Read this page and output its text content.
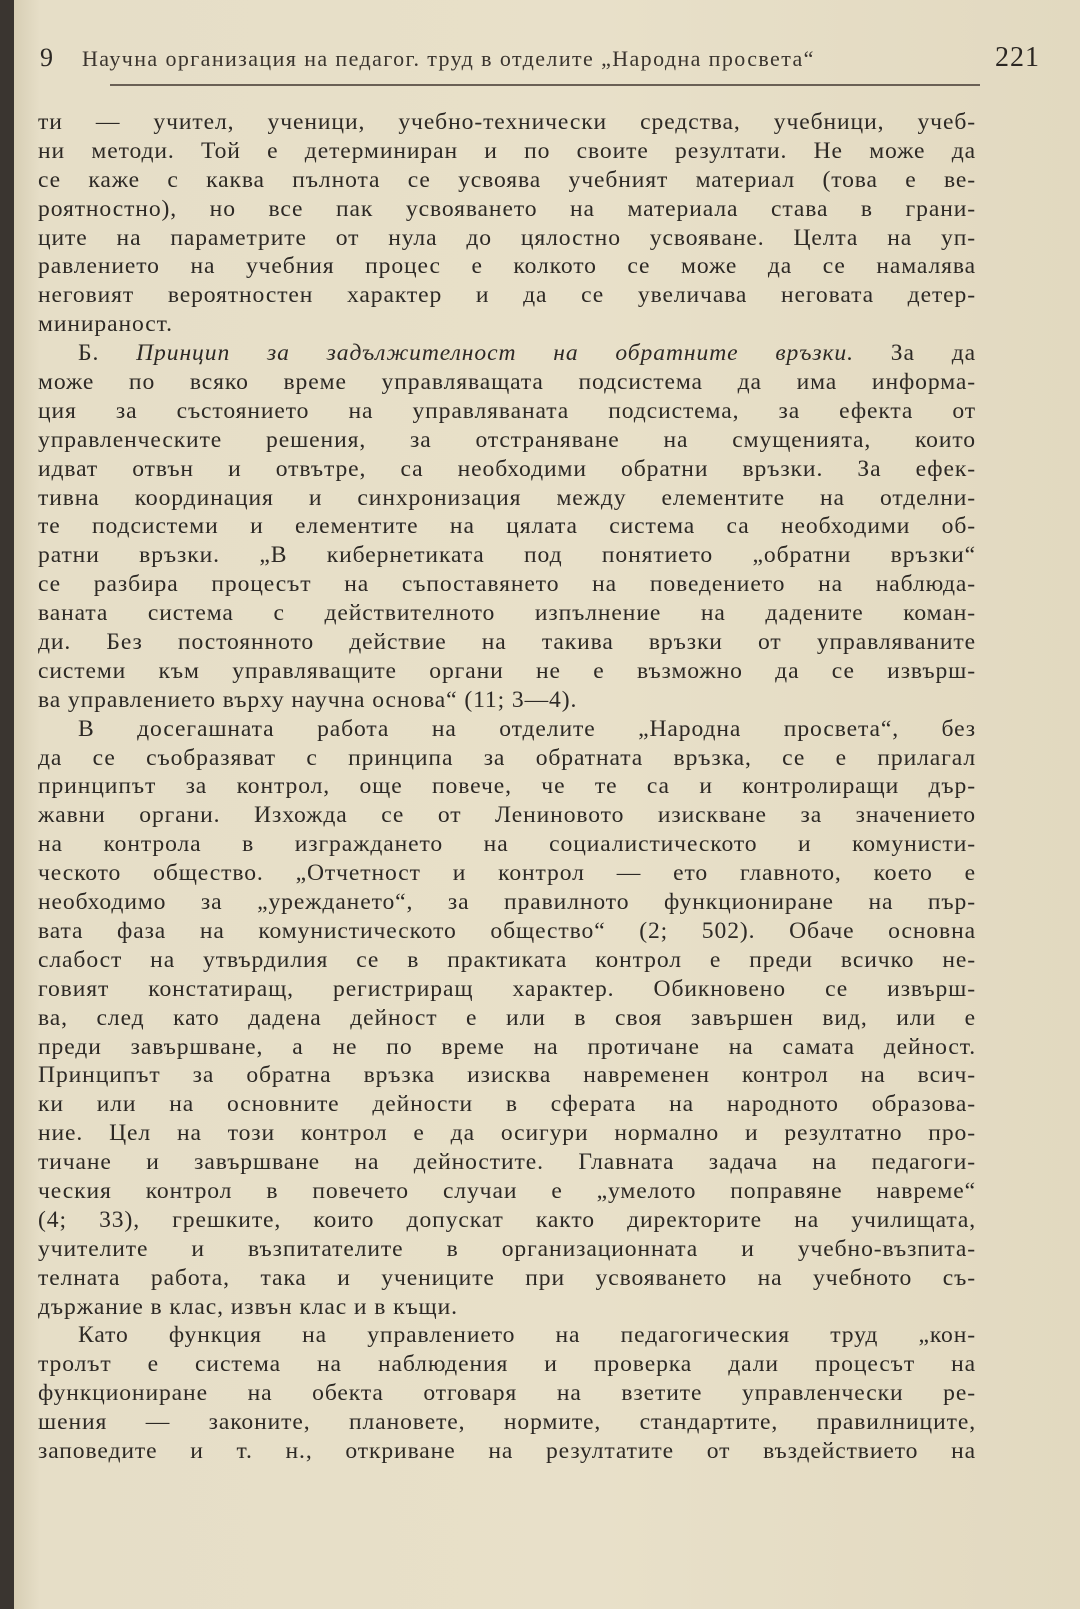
9	Научна организация на педагог. труд в отделите „Народна просвета“	221
ти — учител, ученици, учебно-технически средства, учебници, учеб-
ни методи. Той е детерминиран и по своите резултати. Не може да
се каже с каква пълнота се усвоява учебният материал (това е ве-
роятностно), но все пак усвояването на материала става в грани-
ците на параметрите от нула до цялостно усвояване. Целта на уп-
равлението на учебния процес е колкото се може да се намалява
неговият вероятностен характер и да се увеличава неговата детер-
минираност.
Б. Принцип за задължителност на обратните връзки. За да
може по всяко време управляващата подсистема да има информа-
ция за състоянието на управляваната подсистема, за ефекта от
управленческите решения, за отстраняване на смущенията, които
идват отвън и отвътре, са необходими обратни връзки. За ефек-
тивна координация и синхронизация между елементите на отделни-
те подсистеми и елементите на цялата система са необходими об-
ратни връзки. „В кибернетиката под понятието „обратни връзки“
се разбира процесът на съпоставянето на поведението на наблюда-
ваната система с действителното изпълнение на дадените коман-
ди. Без постоянното действие на такива връзки от управляваните
системи към управляващите органи не е възможно да се извърш-
ва управлението върху научна основа“ (11; 3—4).
В досегашната работа на отделите „Народна просвета“, без
да се съобразяват с принципа за обратната връзка, се е прилагал
принципът за контрол, още повече, че те са и контролиращи дър-
жавни органи. Изхожда се от Лениновото изискване за значението
на контрола в изграждането на социалистическото и комунисти-
ческото общество. „Отчетност и контрол — ето главното, което е
необходимо за „уреждането“, за правилното функциониране на пър-
вата фаза на комунистическото общество“ (2; 502). Обаче основна
слабост на утвърдилия се в практиката контрол е преди всичко не-
говият констатиращ, регистриращ характер. Обикновено се извърш-
ва, след като дадена дейност е или в своя завършен вид, или е
преди завършване, а не по време на протичане на самата дейност.
Принципът за обратна връзка изисква навременен контрол на всич-
ки или на основните дейности в сферата на народното образова-
ние. Цел на този контрол е да осигури нормално и резултатно про-
тичане и завършване на дейностите. Главната задача на педагоги-
ческия контрол в повечето случаи е „умелото поправяне навреме“
(4; 33), грешките, които допускат както директорите на училищата,
учителите и възпитателите в организационната и учебно-възпита-
телната работа, така и учениците при усвояването на учебното съ-
държание в клас, извън клас и в къщи.
Като функция на управлението на педагогическия труд „кон-
тролът е система на наблюдения и проверка дали процесът на
функциониране на обекта отговаря на взетите управленчески ре-
шения — законите, плановете, нормите, стандартите, правилниците,
заповедите и т. н., откриване на резултатите от въздействието на
